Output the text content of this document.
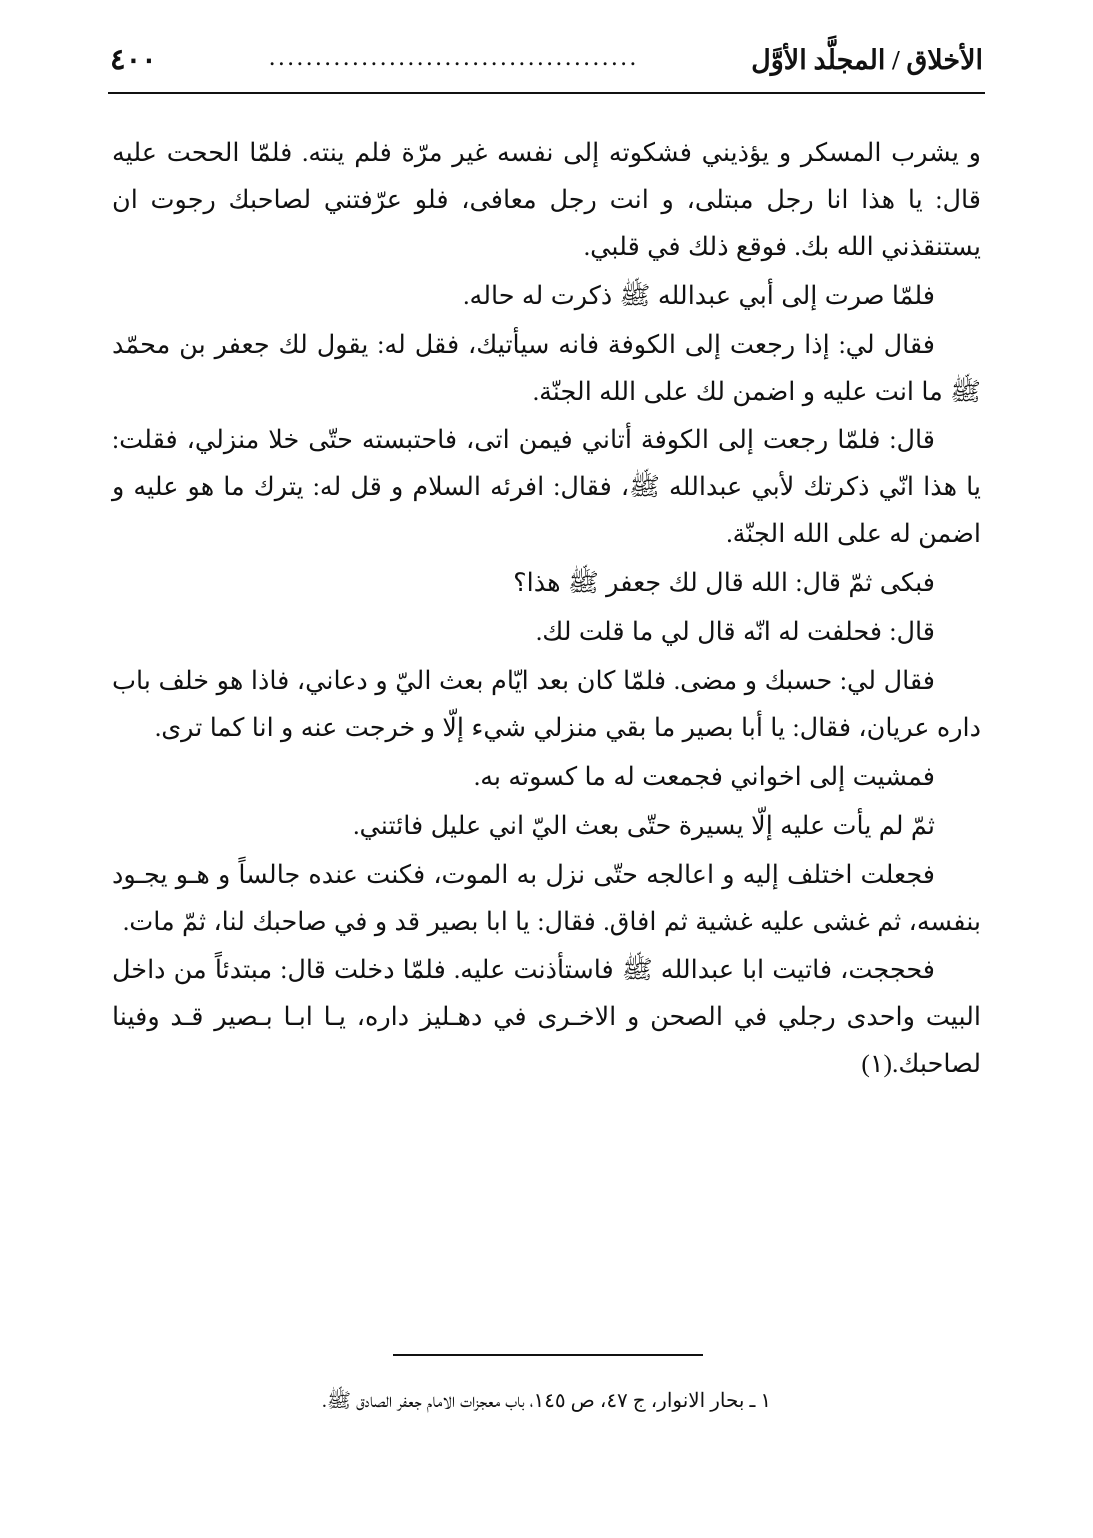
الأخلاق / المجلَّد الأوَّل
........................................
٤٠٠

و يشرب المسكر و يؤذيني فشكوته إلى نفسه غير مرّة فلم ينته. فلمّا الححت عليه قال: يا هذا انا رجل مبتلى، و انت رجل معافى، فلو عرّفتني لصاحبك رجوت ان يستنقذني الله بك. فوقع ذلك في قلبي.

فلمّا صرت إلى أبي عبدالله ﷺ ذكرت له حاله.

فقال لي: إذا رجعت إلى الكوفة فانه سيأتيك، فقل له: يقول لك جعفر بن محمّد ﷺ ما انت عليه و اضمن لك على الله الجنّة.

قال: فلمّا رجعت إلى الكوفة أتاني فيمن اتى، فاحتبسته حتّى خلا منزلي، فقلت: يا هذا انّي ذكرتك لأبي عبدالله ﷺ، فقال: افرئه السلام و قل له: يترك ما هو عليه و اضمن له على الله الجنّة.

فبكى ثمّ قال: الله قال لك جعفر ﷺ هذا؟

قال: فحلفت له انّه قال لي ما قلت لك.

فقال لي: حسبك و مضى. فلمّا كان بعد ايّام بعث اليّ و دعاني، فاذا هو خلف باب داره عريان، فقال: يا أبا بصير ما بقي منزلي شيء إلّا و خرجت عنه و انا كما ترى.

فمشيت إلى اخواني فجمعت له ما كسوته به.

ثمّ لم يأت عليه إلّا يسيرة حتّى بعث اليّ اني عليل فائتني.

فجعلت اختلف إليه و اعالجه حتّى نزل به الموت، فكنت عنده جالساً و هـو يجـود بنفسه، ثم غشى عليه غشية ثم افاق. فقال: يا ابا بصير قد و في صاحبك لنا، ثمّ مات.

فحججت، فاتيت ابا عبدالله ﷺ فاستأذنت عليه. فلمّا دخلت قال: مبتدئاً من داخل البيت واحدى رجلي في الصحن و الاخـرى في دهـليز داره، يـا ابـا بـصير قـد وفينا لصاحبك.(١)

١ ـ بحار الانوار، ج ٤٧، ص ١٤٥، باب معجزات الامام جعفر الصادق ﷺ.
